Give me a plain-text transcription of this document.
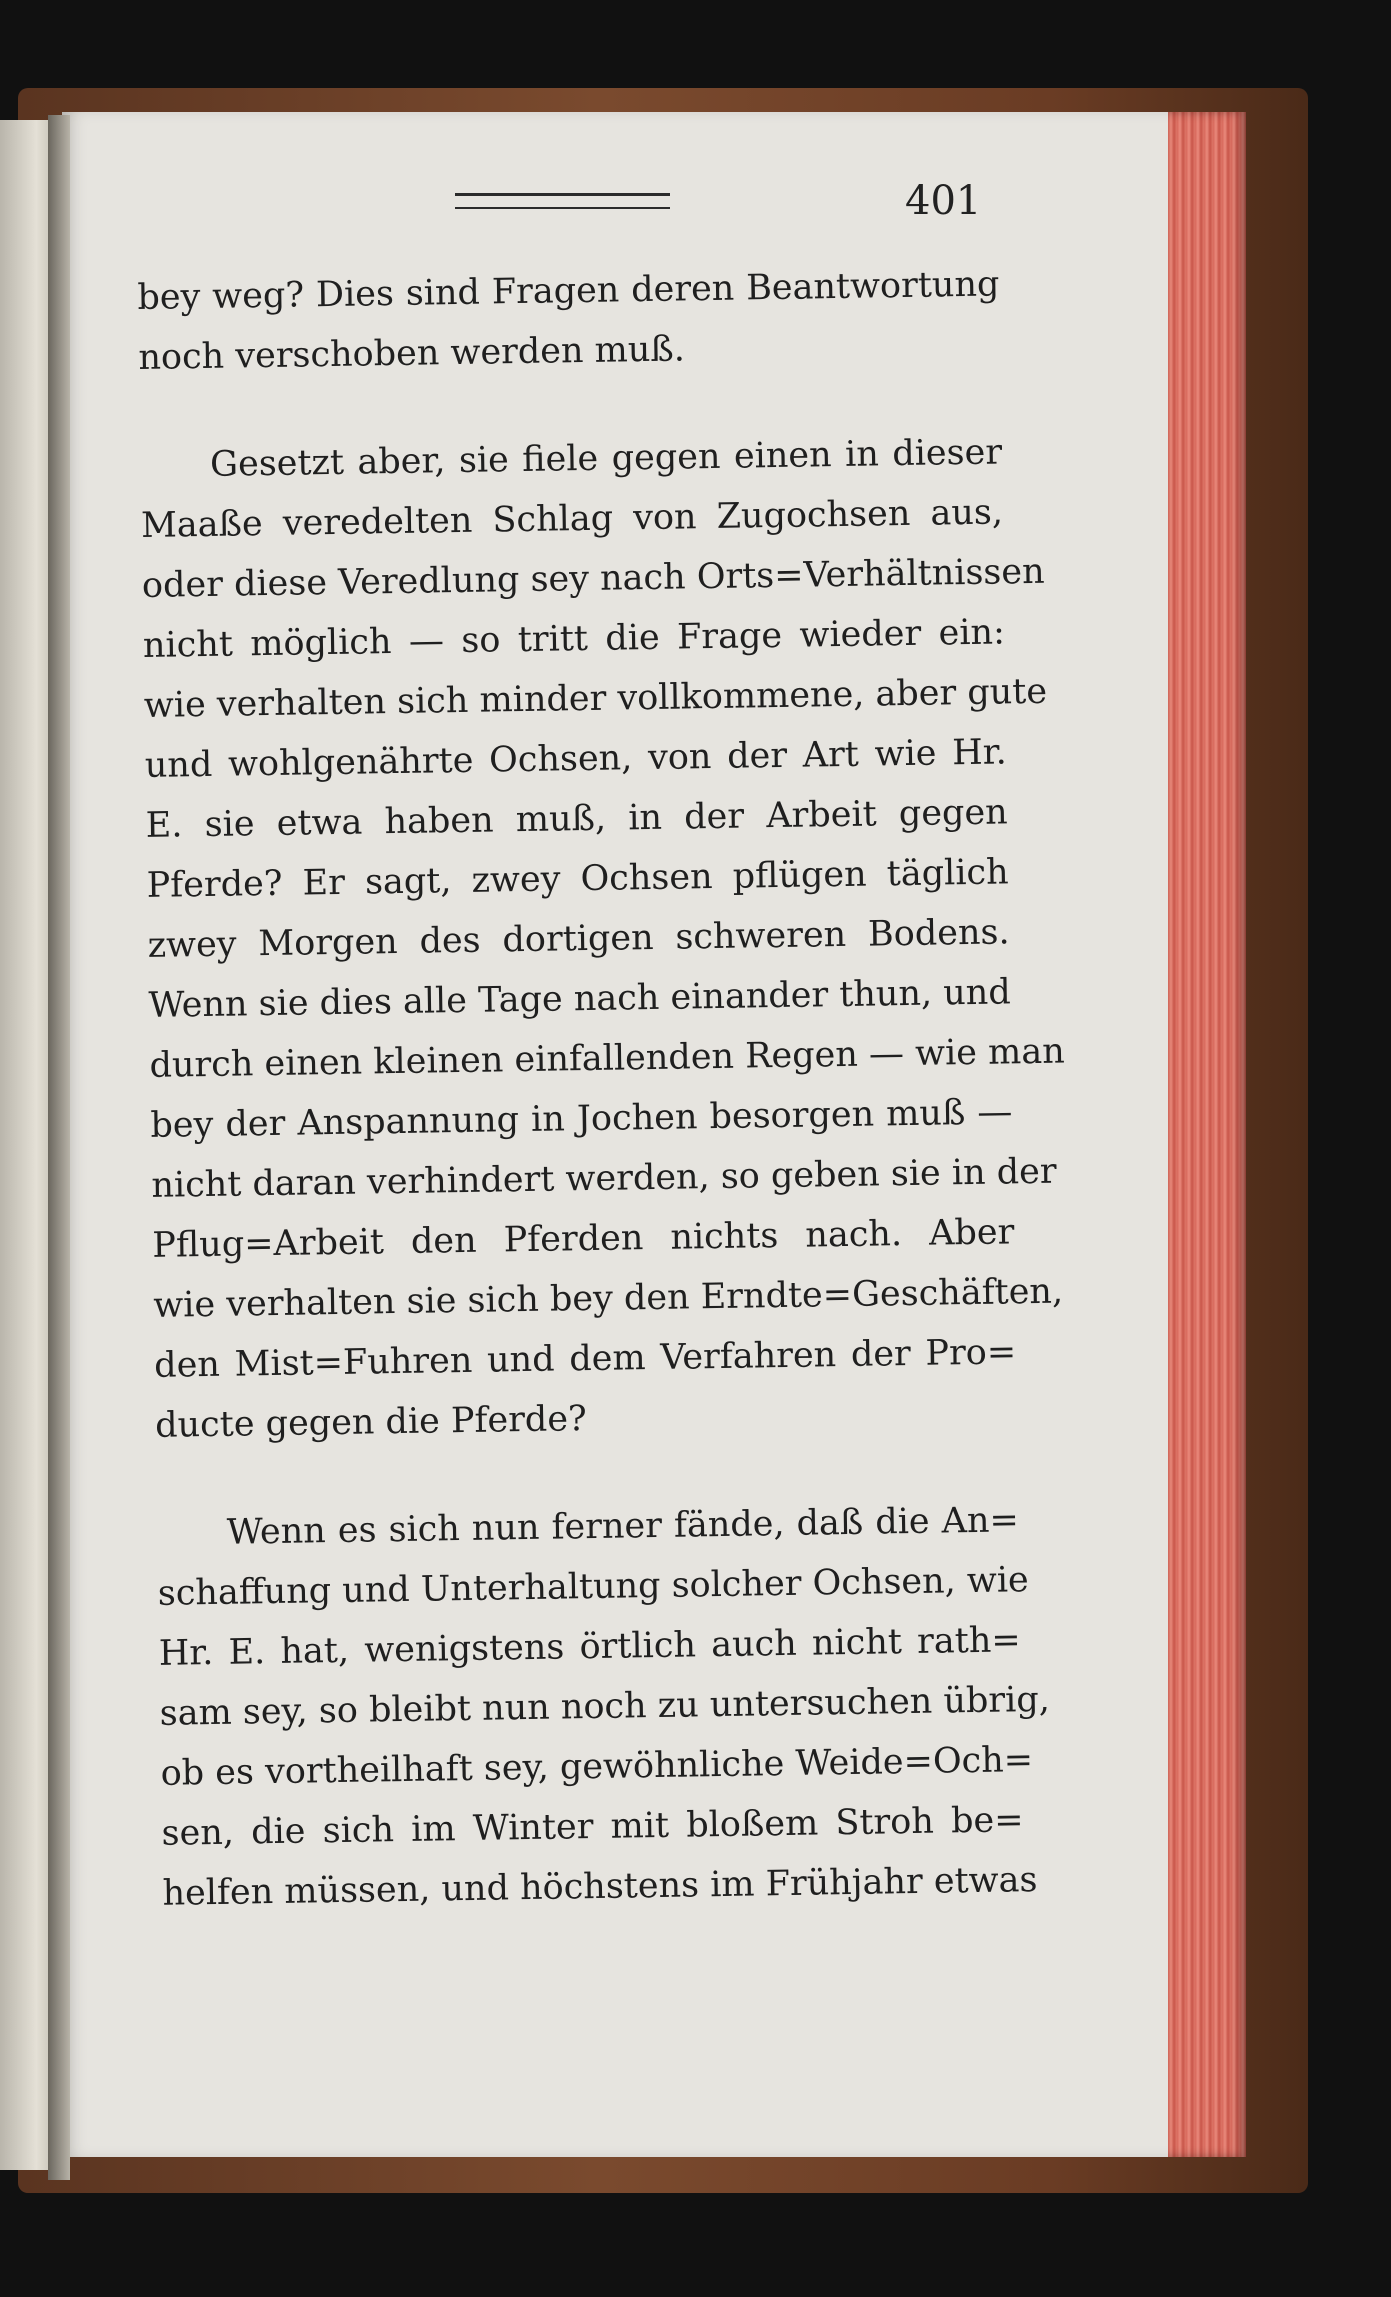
401
bey weg? Dies sind Fragen deren Beantwortung
noch verschoben werden muß.
Gesetzt aber, sie fiele gegen einen in dieser
Maaße veredelten Schlag von Zugochsen aus,
oder diese Veredlung sey nach Orts=Verhältnissen
nicht möglich — so tritt die Frage wieder ein:
wie verhalten sich minder vollkommene, aber gute
und wohlgenährte Ochsen, von der Art wie Hr.
E. sie etwa haben muß, in der Arbeit gegen
Pferde? Er sagt, zwey Ochsen pflügen täglich
zwey Morgen des dortigen schweren Bodens.
Wenn sie dies alle Tage nach einander thun, und
durch einen kleinen einfallenden Regen — wie man
bey der Anspannung in Jochen besorgen muß —
nicht daran verhindert werden, so geben sie in der
Pflug=Arbeit den Pferden nichts nach. Aber
wie verhalten sie sich bey den Erndte=Geschäften,
den Mist=Fuhren und dem Verfahren der Pro=
ducte gegen die Pferde?
Wenn es sich nun ferner fände, daß die An=
schaffung und Unterhaltung solcher Ochsen, wie
Hr. E. hat, wenigstens örtlich auch nicht rath=
sam sey, so bleibt nun noch zu untersuchen übrig,
ob es vortheilhaft sey, gewöhnliche Weide=Och=
sen, die sich im Winter mit bloßem Stroh be=
helfen müssen, und höchstens im Frühjahr etwas
